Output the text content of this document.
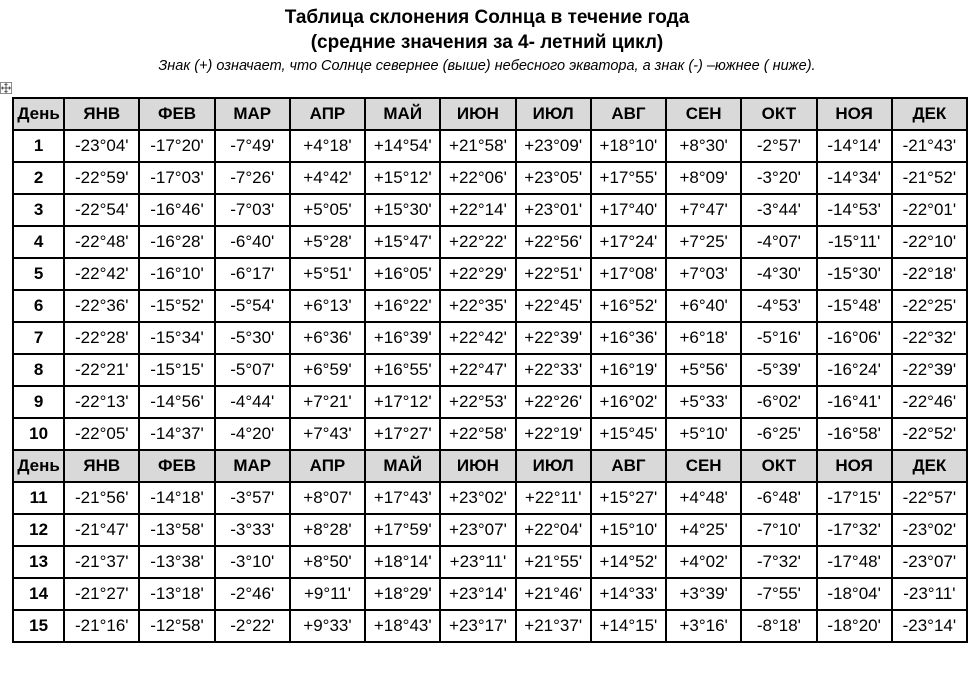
Таблица склонения Солнца в течение года
(средние значения за 4- летний цикл)
Знак (+) означает, что Солнце севернее (выше) небесного экватора, а знак (-) –южнее ( ниже).
День	ЯНВ	ФЕВ	МАР	АПР	МАЙ	ИЮН	ИЮЛ	АВГ	СЕН	ОКТ	НОЯ	ДЕК
1	-23°04'	-17°20'	-7°49'	+4°18'	+14°54'	+21°58'	+23°09'	+18°10'	+8°30'	-2°57'	-14°14'	-21°43'
2	-22°59'	-17°03'	-7°26'	+4°42'	+15°12'	+22°06'	+23°05'	+17°55'	+8°09'	-3°20'	-14°34'	-21°52'
3	-22°54'	-16°46'	-7°03'	+5°05'	+15°30'	+22°14'	+23°01'	+17°40'	+7°47'	-3°44'	-14°53'	-22°01'
4	-22°48'	-16°28'	-6°40'	+5°28'	+15°47'	+22°22'	+22°56'	+17°24'	+7°25'	-4°07'	-15°11'	-22°10'
5	-22°42'	-16°10'	-6°17'	+5°51'	+16°05'	+22°29'	+22°51'	+17°08'	+7°03'	-4°30'	-15°30'	-22°18'
6	-22°36'	-15°52'	-5°54'	+6°13'	+16°22'	+22°35'	+22°45'	+16°52'	+6°40'	-4°53'	-15°48'	-22°25'
7	-22°28'	-15°34'	-5°30'	+6°36'	+16°39'	+22°42'	+22°39'	+16°36'	+6°18'	-5°16'	-16°06'	-22°32'
8	-22°21'	-15°15'	-5°07'	+6°59'	+16°55'	+22°47'	+22°33'	+16°19'	+5°56'	-5°39'	-16°24'	-22°39'
9	-22°13'	-14°56'	-4°44'	+7°21'	+17°12'	+22°53'	+22°26'	+16°02'	+5°33'	-6°02'	-16°41'	-22°46'
10	-22°05'	-14°37'	-4°20'	+7°43'	+17°27'	+22°58'	+22°19'	+15°45'	+5°10'	-6°25'	-16°58'	-22°52'
День	ЯНВ	ФЕВ	МАР	АПР	МАЙ	ИЮН	ИЮЛ	АВГ	СЕН	ОКТ	НОЯ	ДЕК
11	-21°56'	-14°18'	-3°57'	+8°07'	+17°43'	+23°02'	+22°11'	+15°27'	+4°48'	-6°48'	-17°15'	-22°57'
12	-21°47'	-13°58'	-3°33'	+8°28'	+17°59'	+23°07'	+22°04'	+15°10'	+4°25'	-7°10'	-17°32'	-23°02'
13	-21°37'	-13°38'	-3°10'	+8°50'	+18°14'	+23°11'	+21°55'	+14°52'	+4°02'	-7°32'	-17°48'	-23°07'
14	-21°27'	-13°18'	-2°46'	+9°11'	+18°29'	+23°14'	+21°46'	+14°33'	+3°39'	-7°55'	-18°04'	-23°11'
15	-21°16'	-12°58'	-2°22'	+9°33'	+18°43'	+23°17'	+21°37'	+14°15'	+3°16'	-8°18'	-18°20'	-23°14'
